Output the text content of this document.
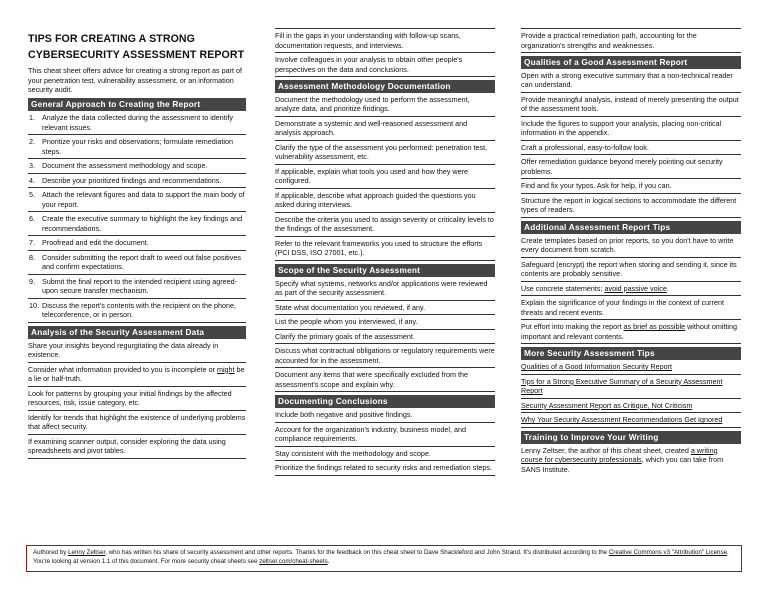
TIPS FOR CREATING A STRONG
CYBERSECURITY ASSESSMENT REPORT
This cheat sheet offers advice for creating a strong report as part of your penetration test, vulnerability assessment, or an information security audit.
General Approach to Creating the Report
1. Analyze the data collected during the assessment to identify relevant issues.
2. Prioritize your risks and observations; formulate remediation steps.
3. Document the assessment methodology and scope.
4. Describe your prioritized findings and recommendations.
5. Attach the relevant figures and data to support the main body of your report.
6. Create the executive summary to highlight the key findings and recommendations.
7. Proofread and edit the document.
8. Consider submitting the report draft to weed out false positives and confirm expectations.
9. Submit the final report to the intended recipient using agreed-upon secure transfer mechanism.
10. Discuss the report's contents with the recipient on the phone, teleconference, or in person.
Analysis of the Security Assessment Data
Share your insights beyond regurgitating the data already in existence.
Consider what information provided to you is incomplete or might be a lie or half-truth.
Look for patterns by grouping your initial findings by the affected resources, risk, issue category, etc.
Identify for trends that highlight the existence of underlying problems that affect security.
If examining scanner output, consider exploring the data using spreadsheets and pivot tables.
Fill in the gaps in your understanding with follow-up scans, documentation requests, and interviews.
Involve colleagues in your analysis to obtain other people's perspectives on the data and conclusions.
Assessment Methodology Documentation
Document the methodology used to perform the assessment, analyze data, and prioritize findings.
Demonstrate a systemic and well-reasoned assessment and analysis approach.
Clarify the type of the assessment you performed: penetration test, vulnerability assessment, etc.
If applicable, explain what tools you used and how they were configured.
If applicable, describe what approach guided the questions you asked during interviews.
Describe the criteria you used to assign severity or criticality levels to the findings of the assessment.
Refer to the relevant frameworks you used to structure the efforts (PCI DSS, ISO 27001, etc.).
Scope of the Security Assessment
Specify what systems, networks and/or applications were reviewed as part of the security assessment.
State what documentation you reviewed, if any.
List the people whom you interviewed, if any.
Clarify the primary goals of the assessment.
Discuss what contractual obligations or regulatory requirements were accounted for in the assessment.
Document any items that were specifically excluded from the assessment's scope and explain why.
Documenting Conclusions
Include both negative and positive findings.
Account for the organization's industry, business model, and compliance requirements.
Stay consistent with the methodology and scope.
Prioritize the findings related to security risks and remediation steps.
Provide a practical remediation path, accounting for the organization's strengths and weaknesses.
Qualities of a Good Assessment Report
Open with a strong executive summary that a non-technical reader can understand.
Provide meaningful analysis, instead of merely presenting the output of the assessment tools.
Include the figures to support your analysis, placing non-critical information in the appendix.
Craft a professional, easy-to-follow look.
Offer remediation guidance beyond merely pointing out security problems.
Find and fix your typos. Ask for help, if you can.
Structure the report in logical sections to accommodate the different types of readers.
Additional Assessment Report Tips
Create templates based on prior reports, so you don't have to write every document from scratch.
Safeguard (encrypt) the report when storing and sending it, since its contents are probably sensitive.
Use concrete statements; avoid passive voice.
Explain the significance of your findings in the context of current threats and recent events.
Put effort into making the report as brief as possible without omitting important and relevant contents.
More Security Assessment Tips
Qualities of a Good Information Security Report
Tips for a Strong Executive Summary of a Security Assessment Report
Security Assessment Report as Critique, Not Criticism
Why Your Security Assessment Recommendations Get Ignored
Training to Improve Your Writing
Lenny Zeltser, the author of this cheat sheet, created a writing course for cybersecurity professionals, which you can take from SANS Institute.
Authored by Lenny Zeltser, who has written his share of security assessment and other reports. Thanks for the feedback on this cheat sheet to Dave Shackleford and John Strand. It's distributed according to the Creative Commons v3 "Attribution" License. You're looking at version 1.1 of this document. For more security cheat sheets see zeltser.com/cheat-sheets.
